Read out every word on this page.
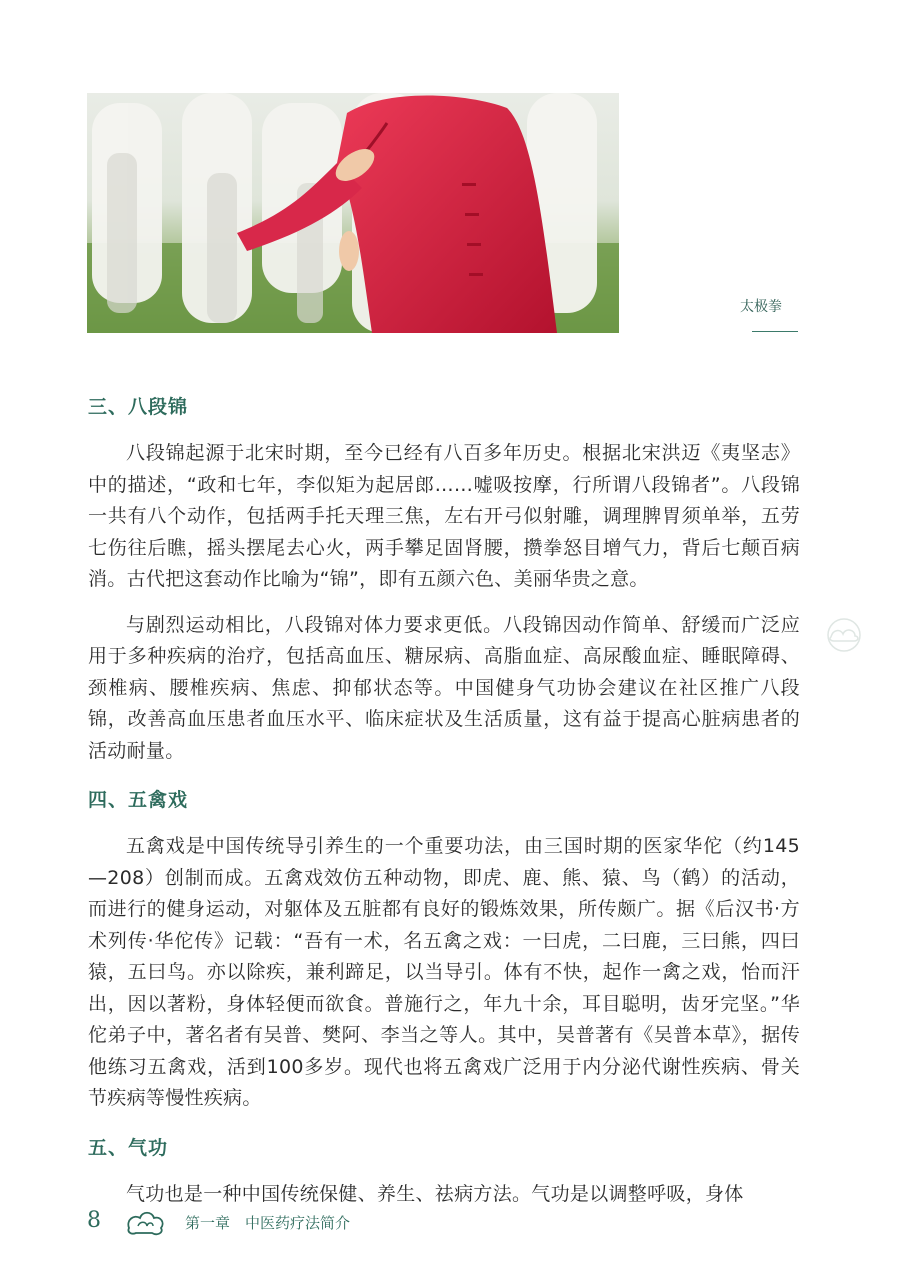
太极拳
三、八段锦

八段锦起源于北宋时期，至今已经有八百多年历史。根据北宋洪迈《夷坚志》中的描述，“政和七年，李似矩为起居郎……嘘吸按摩，行所谓八段锦者”。八段锦一共有八个动作，包括两手托天理三焦，左右开弓似射雕，调理脾胃须单举，五劳七伤往后瞧，摇头摆尾去心火，两手攀足固肾腰，攒拳怒目增气力，背后七颠百病消。古代把这套动作比喻为“锦”，即有五颜六色、美丽华贵之意。

与剧烈运动相比，八段锦对体力要求更低。八段锦因动作简单、舒缓而广泛应用于多种疾病的治疗，包括高血压、糖尿病、高脂血症、高尿酸血症、睡眠障碍、颈椎病、腰椎疾病、焦虑、抑郁状态等。中国健身气功协会建议在社区推广八段锦，改善高血压患者血压水平、临床症状及生活质量，这有益于提高心脏病患者的活动耐量。

四、五禽戏

五禽戏是中国传统导引养生的一个重要功法，由三国时期的医家华佗（约145—208）创制而成。五禽戏效仿五种动物，即虎、鹿、熊、猿、鸟（鹤）的活动，而进行的健身运动，对躯体及五脏都有良好的锻炼效果，所传颇广。据《后汉书·方术列传·华佗传》记载：“吾有一术，名五禽之戏：一曰虎，二曰鹿，三曰熊，四曰猿，五曰鸟。亦以除疾，兼利蹄足，以当导引。体有不快，起作一禽之戏，怡而汗出，因以著粉，身体轻便而欲食。普施行之，年九十余，耳目聪明，齿牙完坚。”华佗弟子中，著名者有吴普、樊阿、李当之等人。其中，吴普著有《吴普本草》，据传他练习五禽戏，活到100多岁。现代也将五禽戏广泛用于内分泌代谢性疾病、骨关节疾病等慢性疾病。

五、气功

气功也是一种中国传统保健、养生、祛病方法。气功是以调整呼吸，身体

8	第一章　中医药疗法简介
